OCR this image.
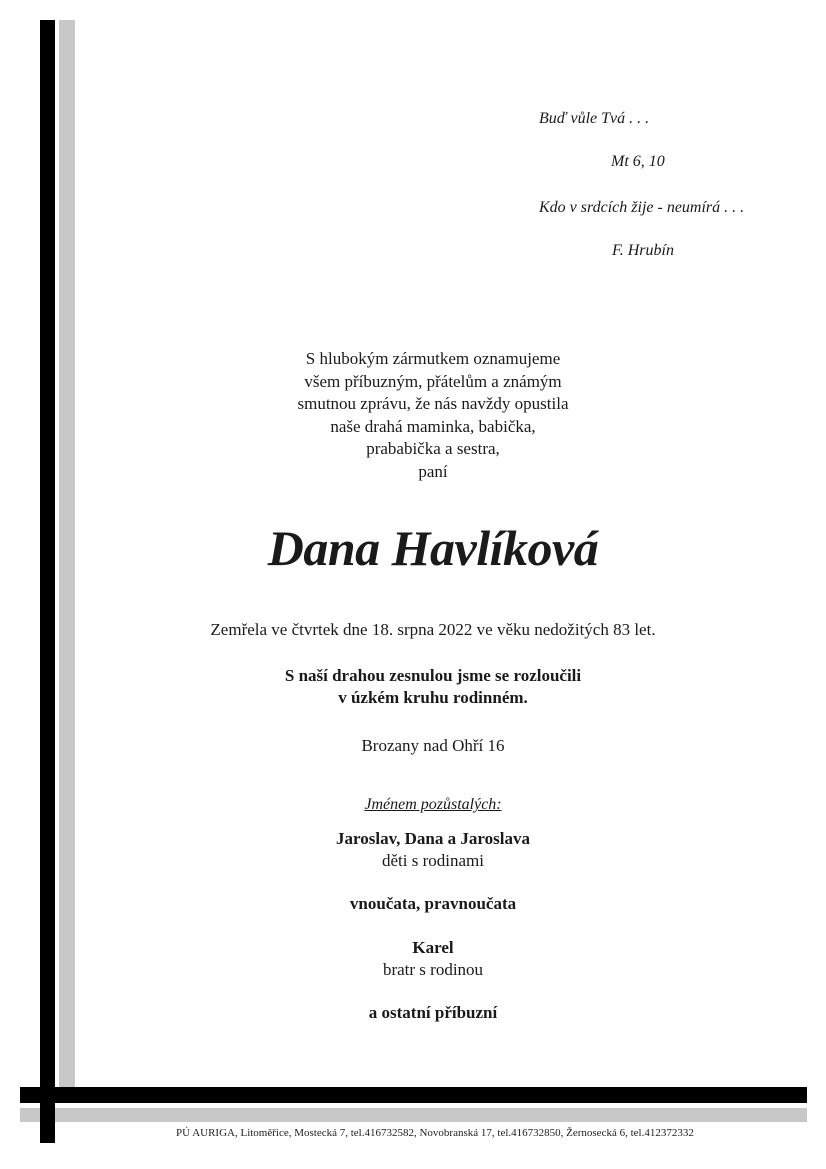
Buď vůle Tvá . . .
Mt 6, 10
Kdo v srdcích žije - neumírá . . .
F. Hrubín
S hlubokým zármutkem oznamujeme
všem příbuzným, přátelům a známým
smutnou zprávu, že nás navždy opustila
naše drahá maminka, babička,
prababička a sestra,
paní
Dana Havlíková
Zemřela ve čtvrtek dne 18. srpna 2022 ve věku nedožitých 83 let.
S naší drahou zesnulou jsme se rozloučili
v úzkém kruhu rodinném.
Brozany nad Ohří 16
Jménem pozůstalých:
Jaroslav, Dana a Jaroslava
děti s rodinami
vnoučata, pravnoučata
Karel
bratr s rodinou
a ostatní příbuzní
PÚ AURIGA, Litoměřice, Mostecká 7, tel.416732582, Novobranská 17, tel.416732850, Žernosecká 6, tel.412372332
